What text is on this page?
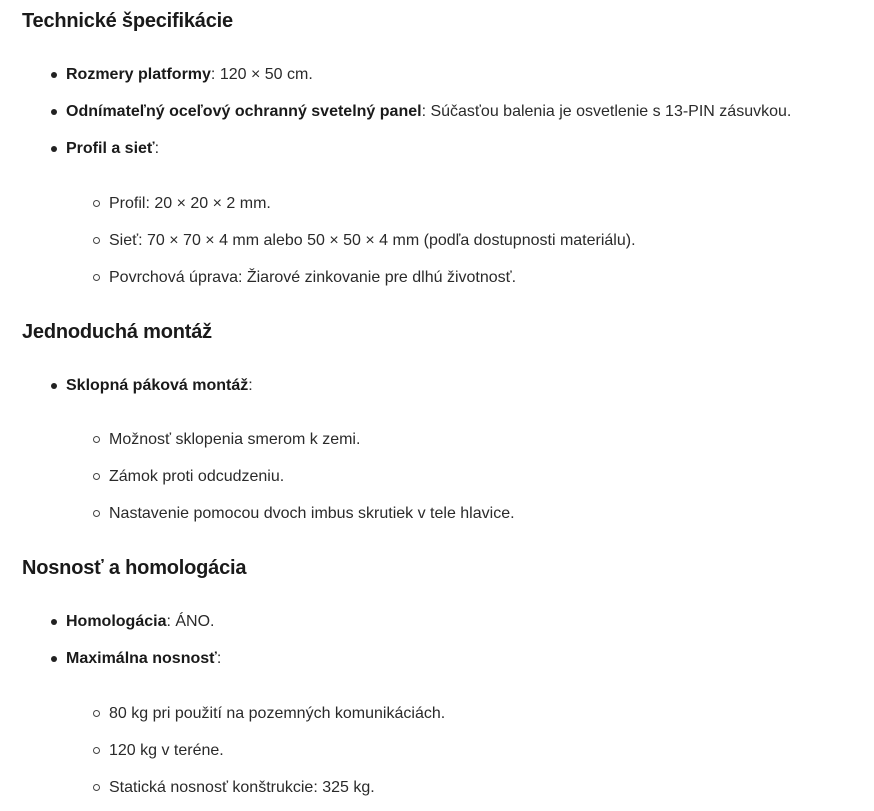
Technické špecifikácie
Rozmery platformy: 120 × 50 cm.
Odnímateľný oceľový ochranný svetelný panel: Súčasťou balenia je osvetlenie s 13-PIN zásuvkou.
Profil a sieť:
Profil: 20 × 20 × 2 mm.
Sieť: 70 × 70 × 4 mm alebo 50 × 50 × 4 mm (podľa dostupnosti materiálu).
Povrchová úprava: Žiarové zinkovanie pre dlhú životnosť.
Jednoduchá montáž
Sklopná páková montáž:
Možnosť sklopenia smerom k zemi.
Zámok proti odcudzeniu.
Nastavenie pomocou dvoch imbus skrutiek v tele hlavice.
Nosnosť a homologácia
Homologácia: ÁNO.
Maximálna nosnosť:
80 kg pri použití na pozemných komunikáciách.
120 kg v teréne.
Statická nosnosť konštrukcie: 325 kg.
